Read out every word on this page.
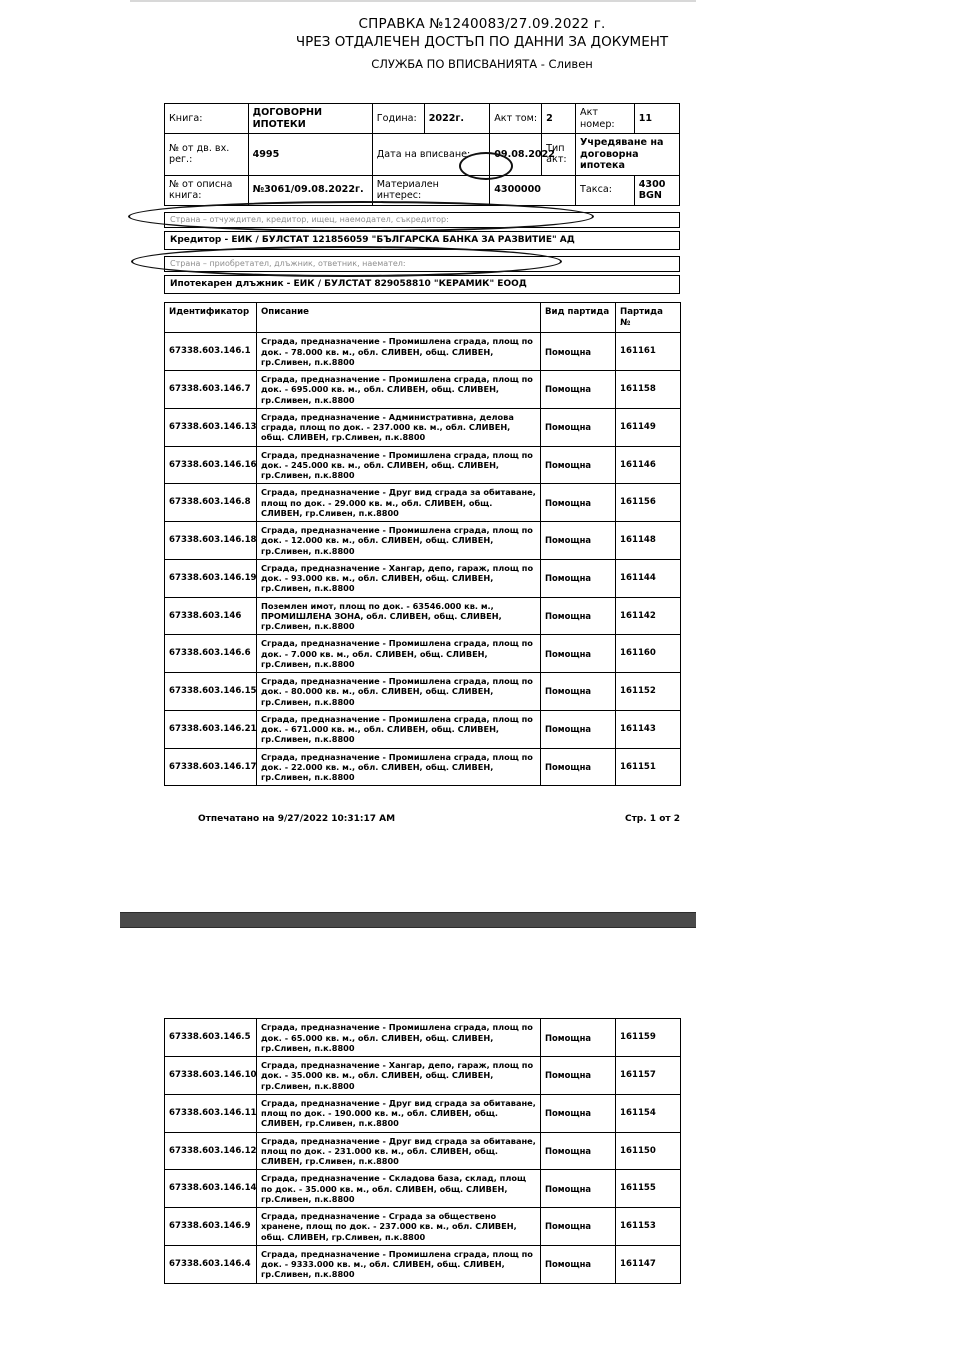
СПРАВКА №1240083/27.09.2022 г.
ЧРЕЗ ОТДАЛЕЧЕН ДОСТЪП ПО ДАННИ ЗА ДОКУМЕНТ
СЛУЖБА ПО ВПИСВАНИЯТА - Сливен
Книга:	ДОГОВОРНИ ИПОТЕКИ	Година:	2022г.	Акт том:	2	Акт номер:	11
№ от дв. вх. рег.:	4995	Дата на вписване:		09.08.2022	Тип акт:	Учредяване на договорна ипотека	
№ от описна книга:	№3061/09.08.2022г.	Материален интерес:		4300000		Такса:	4300 BGN
Страна – отчуждител, кредитор, ищец, наемодател, съкредитор:
Кредитор - ЕИК / БУЛСТАТ 121856059 "БЪЛГАРСКА БАНКА ЗА РАЗВИТИЕ" АД
Страна – приобретател, длъжник, ответник, наемател:
Ипотекарен длъжник - ЕИК / БУЛСТАТ 829058810 "КЕРАМИК" ЕООД
Идентификатор	Описание	Вид партида	Партида №
67338.603.146.1	Сграда, предназначение - Промишлена сграда, площ по док. - 78.000 кв. м., обл. СЛИВЕН, общ. СЛИВЕН, гр.Сливен, п.к.8800	Помощна	161161
67338.603.146.7	Сграда, предназначение - Промишлена сграда, площ по док. - 695.000 кв. м., обл. СЛИВЕН, общ. СЛИВЕН, гр.Сливен, п.к.8800	Помощна	161158
67338.603.146.13	Сграда, предназначение - Административна, делова сграда, площ по док. - 237.000 кв. м., обл. СЛИВЕН, общ. СЛИВЕН, гр.Сливен, п.к.8800	Помощна	161149
67338.603.146.16	Сграда, предназначение - Промишлена сграда, площ по док. - 245.000 кв. м., обл. СЛИВЕН, общ. СЛИВЕН, гр.Сливен, п.к.8800	Помощна	161146
67338.603.146.8	Сграда, предназначение - Друг вид сграда за обитаване, площ по док. - 29.000 кв. м., обл. СЛИВЕН, общ. СЛИВЕН, гр.Сливен, п.к.8800	Помощна	161156
67338.603.146.18	Сграда, предназначение - Промишлена сграда, площ по док. - 12.000 кв. м., обл. СЛИВЕН, общ. СЛИВЕН, гр.Сливен, п.к.8800	Помощна	161148
67338.603.146.19	Сграда, предназначение - Хангар, депо, гараж, площ по док. - 93.000 кв. м., обл. СЛИВЕН, общ. СЛИВЕН, гр.Сливен, п.к.8800	Помощна	161144
67338.603.146	Поземлен имот, площ по док. - 63546.000 кв. м., ПРОМИШЛЕНА ЗОНА, обл. СЛИВЕН, общ. СЛИВЕН, гр.Сливен, п.к.8800	Помощна	161142
67338.603.146.6	Сграда, предназначение - Промишлена сграда, площ по док. - 7.000 кв. м., обл. СЛИВЕН, общ. СЛИВЕН, гр.Сливен, п.к.8800	Помощна	161160
67338.603.146.15	Сграда, предназначение - Промишлена сграда, площ по док. - 80.000 кв. м., обл. СЛИВЕН, общ. СЛИВЕН, гр.Сливен, п.к.8800	Помощна	161152
67338.603.146.21	Сграда, предназначение - Промишлена сграда, площ по док. - 671.000 кв. м., обл. СЛИВЕН, общ. СЛИВЕН, гр.Сливен, п.к.8800	Помощна	161143
67338.603.146.17	Сграда, предназначение - Промишлена сграда, площ по док. - 22.000 кв. м., обл. СЛИВЕН, общ. СЛИВЕН, гр.Сливен, п.к.8800	Помощна	161151
Отпечатано на 9/27/2022 10:31:17 AM	Стр. 1 от 2
67338.603.146.5	Сграда, предназначение - Промишлена сграда, площ по док. - 65.000 кв. м., обл. СЛИВЕН, общ. СЛИВЕН, гр.Сливен, п.к.8800	Помощна	161159
67338.603.146.10	Сграда, предназначение - Хангар, депо, гараж, площ по док. - 35.000 кв. м., обл. СЛИВЕН, общ. СЛИВЕН, гр.Сливен, п.к.8800	Помощна	161157
67338.603.146.11	Сграда, предназначение - Друг вид сграда за обитаване, площ по док. - 190.000 кв. м., обл. СЛИВЕН, общ. СЛИВЕН, гр.Сливен, п.к.8800	Помощна	161154
67338.603.146.12	Сграда, предназначение - Друг вид сграда за обитаване, площ по док. - 231.000 кв. м., обл. СЛИВЕН, общ. СЛИВЕН, гр.Сливен, п.к.8800	Помощна	161150
67338.603.146.14	Сграда, предназначение - Складова база, склад, площ по док. - 35.000 кв. м., обл. СЛИВЕН, общ. СЛИВЕН, гр.Сливен, п.к.8800	Помощна	161155
67338.603.146.9	Сграда, предназначение - Сграда за обществено хранене, площ по док. - 237.000 кв. м., обл. СЛИВЕН, общ. СЛИВЕН, гр.Сливен, п.к.8800	Помощна	161153
67338.603.146.4	Сграда, предназначение - Промишлена сграда, площ по док. - 9333.000 кв. м., обл. СЛИВЕН, общ. СЛИВЕН, гр.Сливен, п.к.8800	Помощна	161147
